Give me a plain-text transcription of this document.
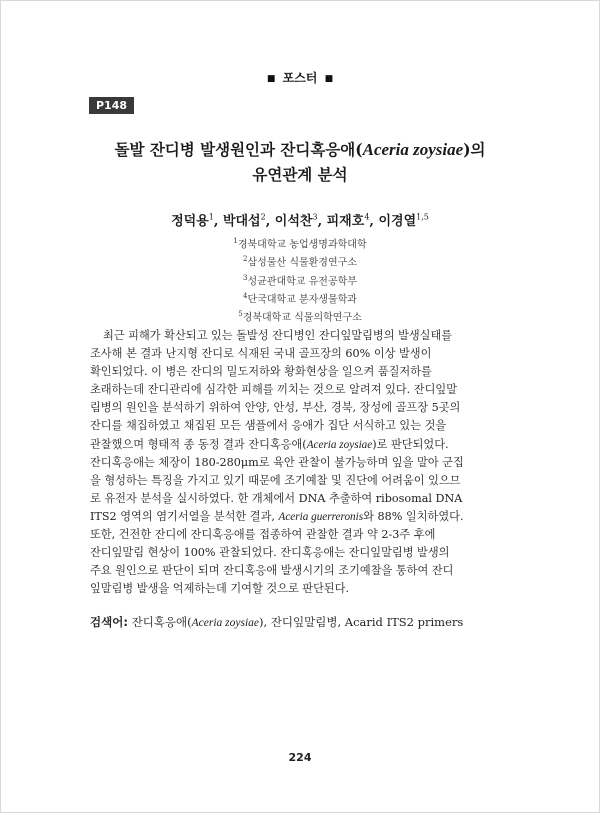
■ 포스터 ■
P148
돌발 잔디병 발생원인과 잔디혹응애(Aceria zoysiae)의
유연관계 분석
정덕용$^1$, 박대섭$^2$, 이석찬$^3$, 피재호$^4$, 이경열$^{1,5}$
$^1$경북대학교 농업생명과학대학
$^2$삼성물산 식물환경연구소
$^3$성균관대학교 유전공학부
$^4$단국대학교 분자생물학과
$^5$경북대학교 식물의학연구소
최근 피해가 확산되고 있는 돌발성 잔디병인 잔디잎말림병의 발생실태를
조사해 본 결과 난지형 잔디로 식재된 국내 골프장의 60% 이상 발생이
확인되었다. 이 병은 잔디의 밀도저하와 황화현상을 일으켜 품질저하를
초래하는데 잔디관리에 심각한 피해를 끼치는 것으로 알려져 있다. 잔디잎말
림병의 원인을 분석하기 위하여 안양, 안성, 부산, 경북, 장성에 골프장 5곳의
잔디를 채집하였고 채집된 모든 샘플에서 응애가 집단 서식하고 있는 것을
관찰했으며 형태적 종 동정 결과 잔디혹응애(Aceria zoysiae)로 판단되었다.
잔디혹응애는 체장이 180-280μm로 육안 관찰이 불가능하며 잎을 말아 군집
을 형성하는 특징을 가지고 있기 때문에 조기예찰 및 진단에 어려움이 있으므
로 유전자 분석을 실시하였다. 한 개체에서 DNA 추출하여 ribosomal DNA
ITS2 영역의 염기서열을 분석한 결과, Aceria guerreronis와 88% 일치하였다.
또한, 건전한 잔디에 잔디혹응애를 접종하여 관찰한 결과 약 2-3주 후에
잔디잎말림 현상이 100% 관찰되었다. 잔디혹응애는 잔디잎말림병 발생의
주요 원인으로 판단이 되며 잔디혹응애 발생시기의 조기예찰을 통하여 잔디
잎말림병 발생을 억제하는데 기여할 것으로 판단된다.
검색어: 잔디혹응애(Aceria zoysiae), 잔디잎말림병, Acarid ITS2 primers
224
